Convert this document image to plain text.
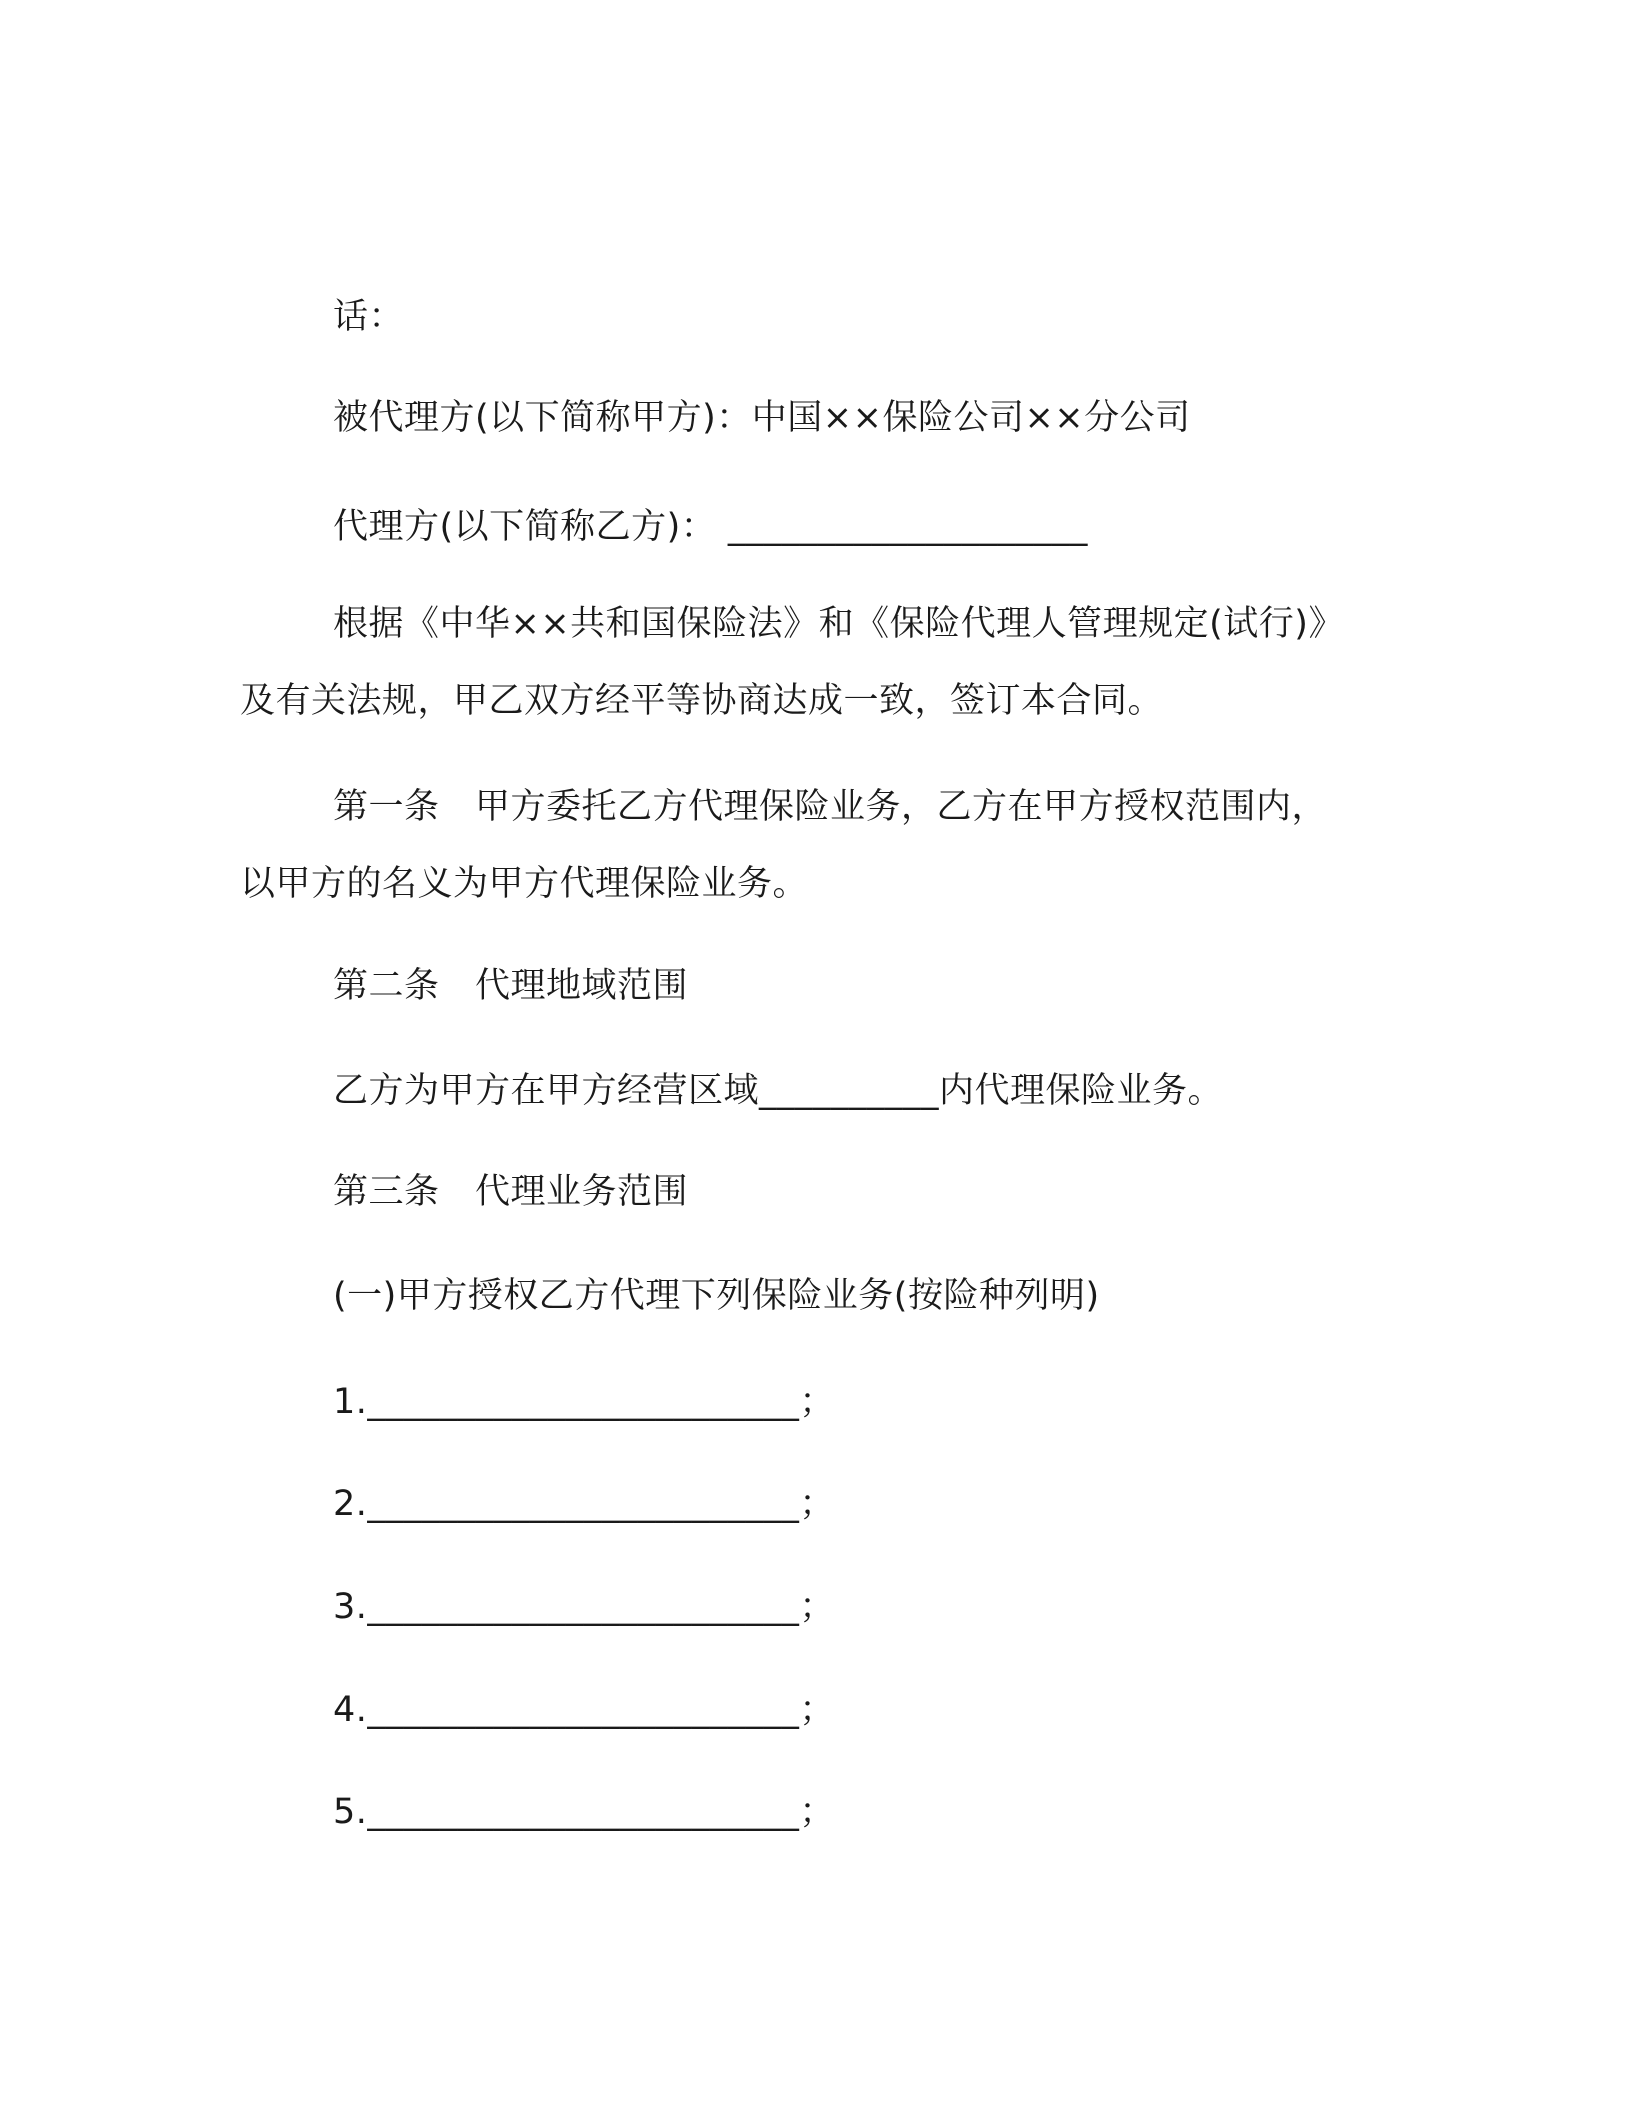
话：
被代理方(以下简称甲方)：中国××保险公司××分公司
代理方(以下简称乙方)： ____________________
根据《中华××共和国保险法》和《保险代理人管理规定(试行)》
及有关法规，甲乙双方经平等协商达成一致，签订本合同。
第一条　甲方委托乙方代理保险业务，乙方在甲方授权范围内，
以甲方的名义为甲方代理保险业务。
第二条　代理地域范围
乙方为甲方在甲方经营区域__________内代理保险业务。
第三条　代理业务范围
(一)甲方授权乙方代理下列保险业务(按险种列明)
1.________________________；
2.________________________；
3.________________________；
4.________________________；
5.________________________；
